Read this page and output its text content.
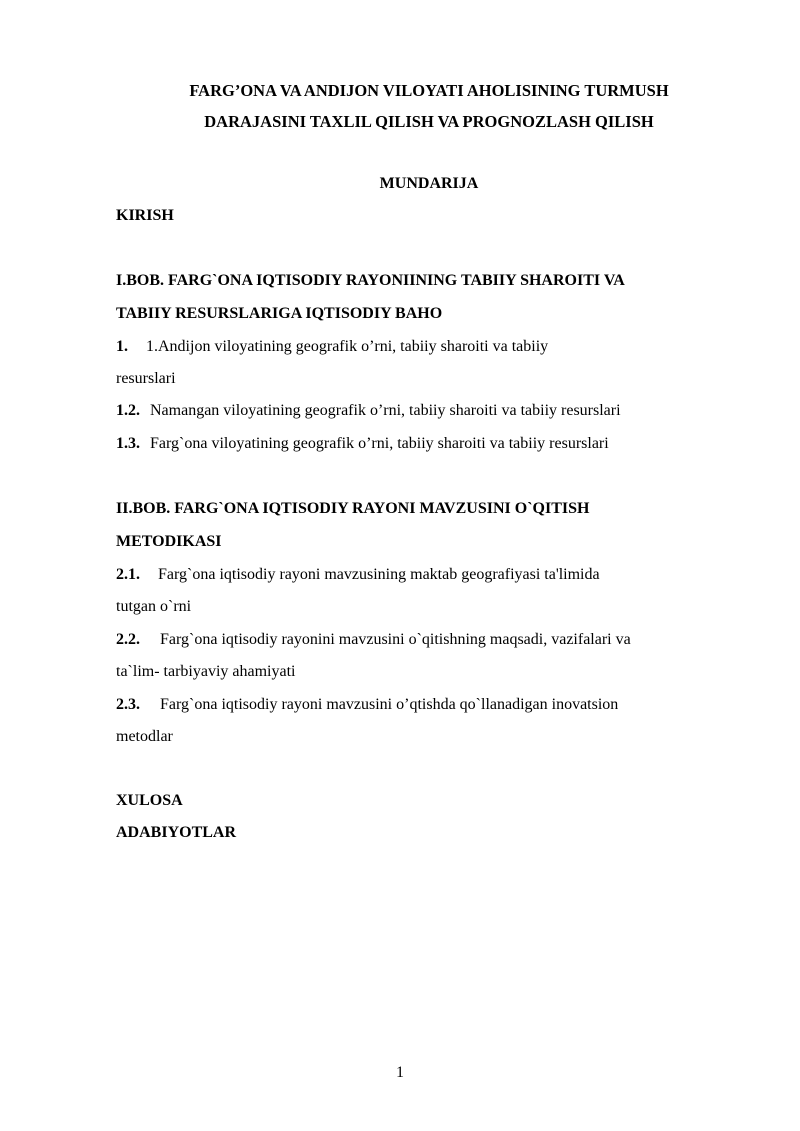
FARG’ONA VA ANDIJON VILOYATI AHOLISINING TURMUSH
DARAJASINI TAXLIL QILISH VA PROGNOZLASH QILISH
MUNDARIJA
KIRISH
I.BOB. FARG`ONA IQTISODIY RAYONIINING TABIIY SHAROITI VA
TABIIY RESURSLARIGA IQTISODIY BAHO
1. 1.Andijon viloyatining geografik o’rni, tabiiy sharoiti va tabiiy
resurslari
1.2. Namangan viloyatining geografik o’rni, tabiiy sharoiti va tabiiy resurslari
1.3. Farg`ona viloyatining geografik o’rni, tabiiy sharoiti va tabiiy resurslari
II.BOB. FARG`ONA IQTISODIY RAYONI MAVZUSINI O`QITISH
METODIKASI
2.1. Farg`ona iqtisodiy rayoni mavzusining maktab geografiyasi ta'limida
tutgan o`rni
2.2. Farg`ona iqtisodiy rayonini mavzusini o`qitishning maqsadi, vazifalari va
ta`lim- tarbiyaviy ahamiyati
2.3. Farg`ona iqtisodiy rayoni mavzusini o’qtishda qo`llanadigan inovatsion
metodlar
XULOSA
ADABIYOTLAR
1
